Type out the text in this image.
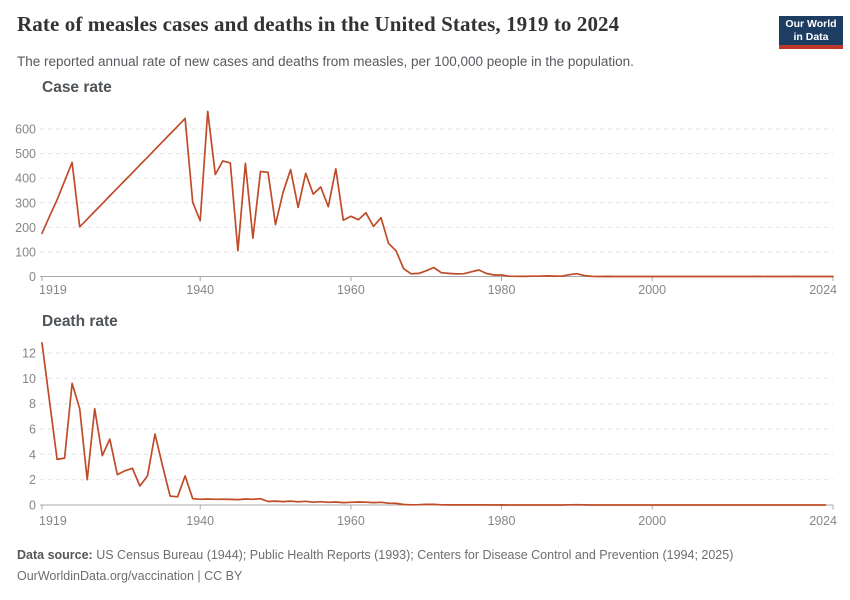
Rate of measles cases and deaths in the United States, 1919 to 2024	Our World
in Data

The reported annual rate of new cases and deaths from measles, per 100,000 people in the population.

Case rate
0
100
200
300
400
500
600
1919	1940	1960	1980	2000	2024
Death rate
0
2
4
6
8
10
12
1919	1940	1960	1980	2000	2024
Data source: US Census Bureau (1944); Public Health Reports (1993); Centers for Disease Control and Prevention (1994; 2025)
OurWorldinData.org/vaccination | CC BY
